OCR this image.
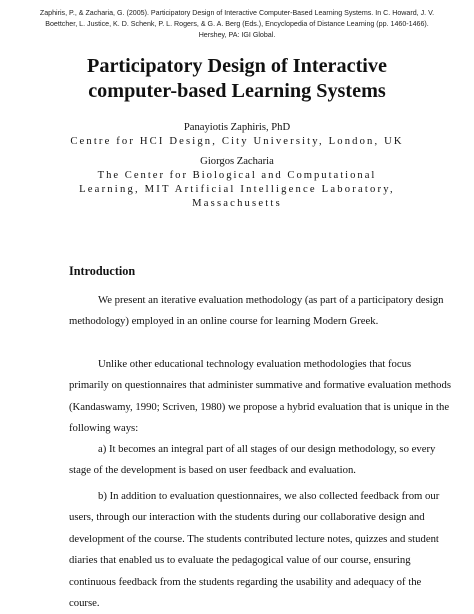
Zaphiris, P., & Zacharia, G. (2005). Participatory Design of Interactive Computer-Based Learning Systems. In C. Howard, J. V.
Boettcher, L. Justice, K. D. Schenk, P. L. Rogers, & G. A. Berg (Eds.), Encyclopedia of Distance Learning (pp. 1460-1466).
Hershey, PA: IGI Global.
Participatory Design of Interactive
computer-based Learning Systems
Panayiotis Zaphiris, PhD
Centre for HCI Design, City University, London, UK
Giorgos Zacharia
The Center for Biological and Computational
Learning, MIT Artificial Intelligence Laboratory,
Massachusetts
Introduction
We present an iterative evaluation methodology (as part of a participatory design
methodology) employed in an online course for learning Modern Greek.
Unlike other educational technology evaluation methodologies that focus
primarily on questionnaires that administer summative and formative evaluation methods
(Kandaswamy, 1990; Scriven, 1980) we propose a hybrid evaluation that is unique in the
following ways:
a) It becomes an integral part of all stages of our design methodology, so every
stage of the development is based on user feedback and evaluation.
b) In addition to evaluation questionnaires, we also collected feedback from our
users, through our interaction with the students during our collaborative design and
development of the course. The students contributed lecture notes, quizzes and student
diaries that enabled us to evaluate the pedagogical value of our course, ensuring
continuous feedback from the students regarding the usability and adequacy of the
course.
